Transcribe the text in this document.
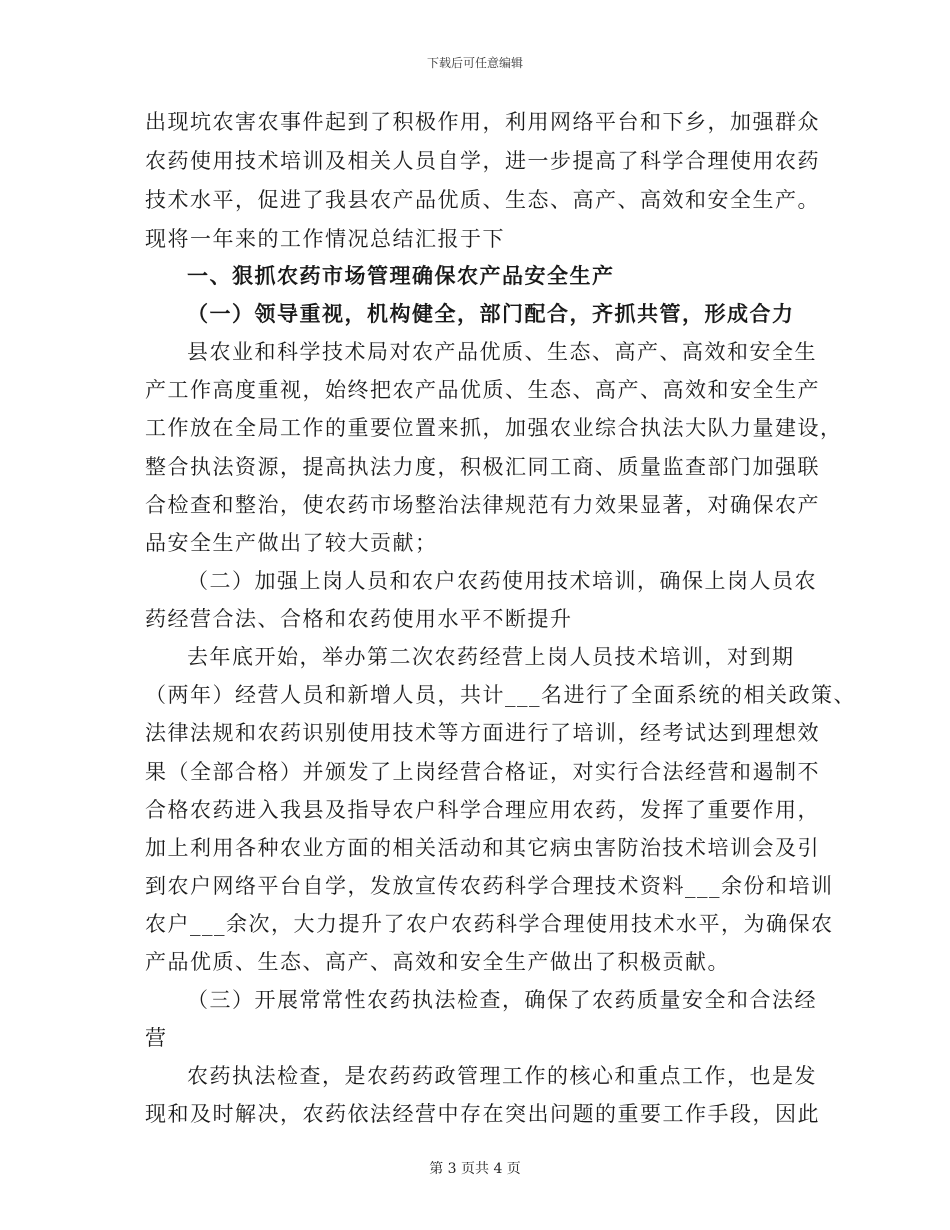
下载后可任意编辑
出现坑农害农事件起到了积极作用，利用网络平台和下乡，加强群众
农药使用技术培训及相关人员自学，进一步提高了科学合理使用农药
技术水平，促进了我县农产品优质、生态、高产、高效和安全生产。
现将一年来的工作情况总结汇报于下
一、狠抓农药市场管理确保农产品安全生产
（一）领导重视，机构健全，部门配合，齐抓共管，形成合力
县农业和科学技术局对农产品优质、生态、高产、高效和安全生
产工作高度重视，始终把农产品优质、生态、高产、高效和安全生产
工作放在全局工作的重要位置来抓，加强农业综合执法大队力量建设，
整合执法资源，提高执法力度，积极汇同工商、质量监查部门加强联
合检查和整治，使农药市场整治法律规范有力效果显著，对确保农产
品安全生产做出了较大贡献；
（二）加强上岗人员和农户农药使用技术培训，确保上岗人员农
药经营合法、合格和农药使用水平不断提升
去年底开始，举办第二次农药经营上岗人员技术培训，对到期
（两年）经营人员和新增人员，共计___名进行了全面系统的相关政策、
法律法规和农药识别使用技术等方面进行了培训，经考试达到理想效
果（全部合格）并颁发了上岗经营合格证，对实行合法经营和遏制不
合格农药进入我县及指导农户科学合理应用农药，发挥了重要作用，
加上利用各种农业方面的相关活动和其它病虫害防治技术培训会及引
到农户网络平台自学，发放宣传农药科学合理技术资料___余份和培训
农户___余次，大力提升了农户农药科学合理使用技术水平，为确保农
产品优质、生态、高产、高效和安全生产做出了积极贡献。
（三）开展常常性农药执法检查，确保了农药质量安全和合法经
营
农药执法检查，是农药药政管理工作的核心和重点工作，也是发
现和及时解决，农药依法经营中存在突出问题的重要工作手段，因此
第 3 页共 4 页
